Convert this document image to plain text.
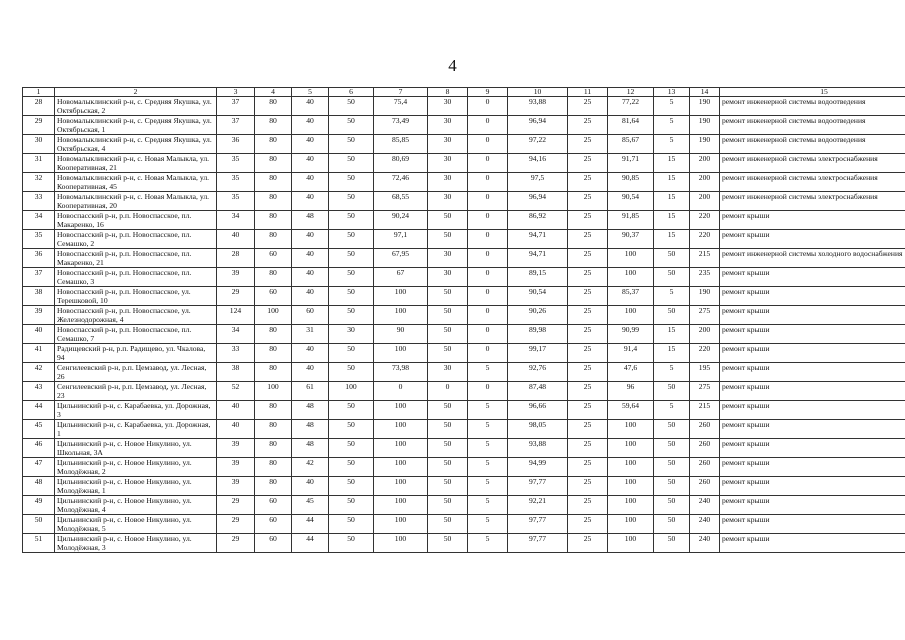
4
1	2	3	4	5	6	7	8	9	10	11	12	13	14	15
28	Новомалыклинский р-н, с. Средняя Якушка, ул. Октябрьская, 2	37	80	40	50	75,4	30	0	93,88	25	77,22	5	190	ремонт инженерной системы водоотведения
29	Новомалыклинский р-н, с. Средняя Якушка, ул. Октябрьская, 1	37	80	40	50	73,49	30	0	96,94	25	81,64	5	190	ремонт инженерной системы водоотведения
30	Новомалыклинский р-н, с. Средняя Якушка, ул. Октябрьская, 4	36	80	40	50	85,85	30	0	97,22	25	85,67	5	190	ремонт инженерной системы водоотведения
31	Новомалыклинский р-н, с. Новая Малыкла, ул. Кооперативная, 21	35	80	40	50	80,69	30	0	94,16	25	91,71	15	200	ремонт инженерной системы электроснабжения
32	Новомалыклинский р-н, с. Новая Малыкла, ул. Кооперативная, 45	35	80	40	50	72,46	30	0	97,5	25	90,85	15	200	ремонт инженерной системы электроснабжения
33	Новомалыклинский р-н, с. Новая Малыкла, ул. Кооперативная, 20	35	80	40	50	68,55	30	0	96,94	25	90,54	15	200	ремонт инженерной системы электроснабжения
34	Новоспасский р-н, р.п. Новоспасское, пл. Макаренко, 16	34	80	48	50	90,24	50	0	86,92	25	91,85	15	220	ремонт крыши
35	Новоспасский р-н, р.п. Новоспасское, пл. Семашко, 2	40	80	40	50	97,1	50	0	94,71	25	90,37	15	220	ремонт крыши
36	Новоспасский р-н, р.п. Новоспасское, пл. Макаренко, 21	28	60	40	50	67,95	30	0	94,71	25	100	50	215	ремонт инженерной системы холодного водоснабжения
37	Новоспасский р-н, р.п. Новоспасское, пл. Семашко, 3	39	80	40	50	67	30	0	89,15	25	100	50	235	ремонт крыши
38	Новоспасский р-н, р.п. Новоспасское, ул. Терешковой, 10	29	60	40	50	100	50	0	90,54	25	85,37	5	190	ремонт крыши
39	Новоспасский р-н, р.п. Новоспасское, ул. Железнодорожная, 4	124	100	60	50	100	50	0	90,26	25	100	50	275	ремонт крыши
40	Новоспасский р-н, р.п. Новоспасское, пл. Семашко, 7	34	80	31	30	90	50	0	89,98	25	90,99	15	200	ремонт крыши
41	Радищевский р-н, р.п. Радищево, ул. Чкалова, 94	33	80	40	50	100	50	0	99,17	25	91,4	15	220	ремонт крыши
42	Сенгилеевский р-н, р.п. Цемзавод, ул. Лесная, 26	38	80	40	50	73,98	30	5	92,76	25	47,6	5	195	ремонт крыши
43	Сенгилеевский р-н, р.п. Цемзавод, ул. Лесная, 23	52	100	61	100	0	0	0	87,48	25	96	50	275	ремонт крыши
44	Цильнинский р-н, с. Карабаевка, ул. Дорожная, 3	40	80	48	50	100	50	5	96,66	25	59,64	5	215	ремонт крыши
45	Цильнинский р-н, с. Карабаевка, ул. Дорожная, 1	40	80	48	50	100	50	5	98,05	25	100	50	260	ремонт крыши
46	Цильнинский р-н, с. Новое Никулино, ул. Школьная, 3А	39	80	48	50	100	50	5	93,88	25	100	50	260	ремонт крыши
47	Цильнинский р-н, с. Новое Никулино, ул. Молодёжная, 2	39	80	42	50	100	50	5	94,99	25	100	50	260	ремонт крыши
48	Цильнинский р-н, с. Новое Никулино, ул. Молодёжная, 1	39	80	40	50	100	50	5	97,77	25	100	50	260	ремонт крыши
49	Цильнинский р-н, с. Новое Никулино, ул. Молодёжная, 4	29	60	45	50	100	50	5	92,21	25	100	50	240	ремонт крыши
50	Цильнинский р-н, с. Новое Никулино, ул. Молодёжная, 5	29	60	44	50	100	50	5	97,77	25	100	50	240	ремонт крыши
51	Цильнинский р-н, с. Новое Никулино, ул. Молодёжная, 3	29	60	44	50	100	50	5	97,77	25	100	50	240	ремонт крыши
